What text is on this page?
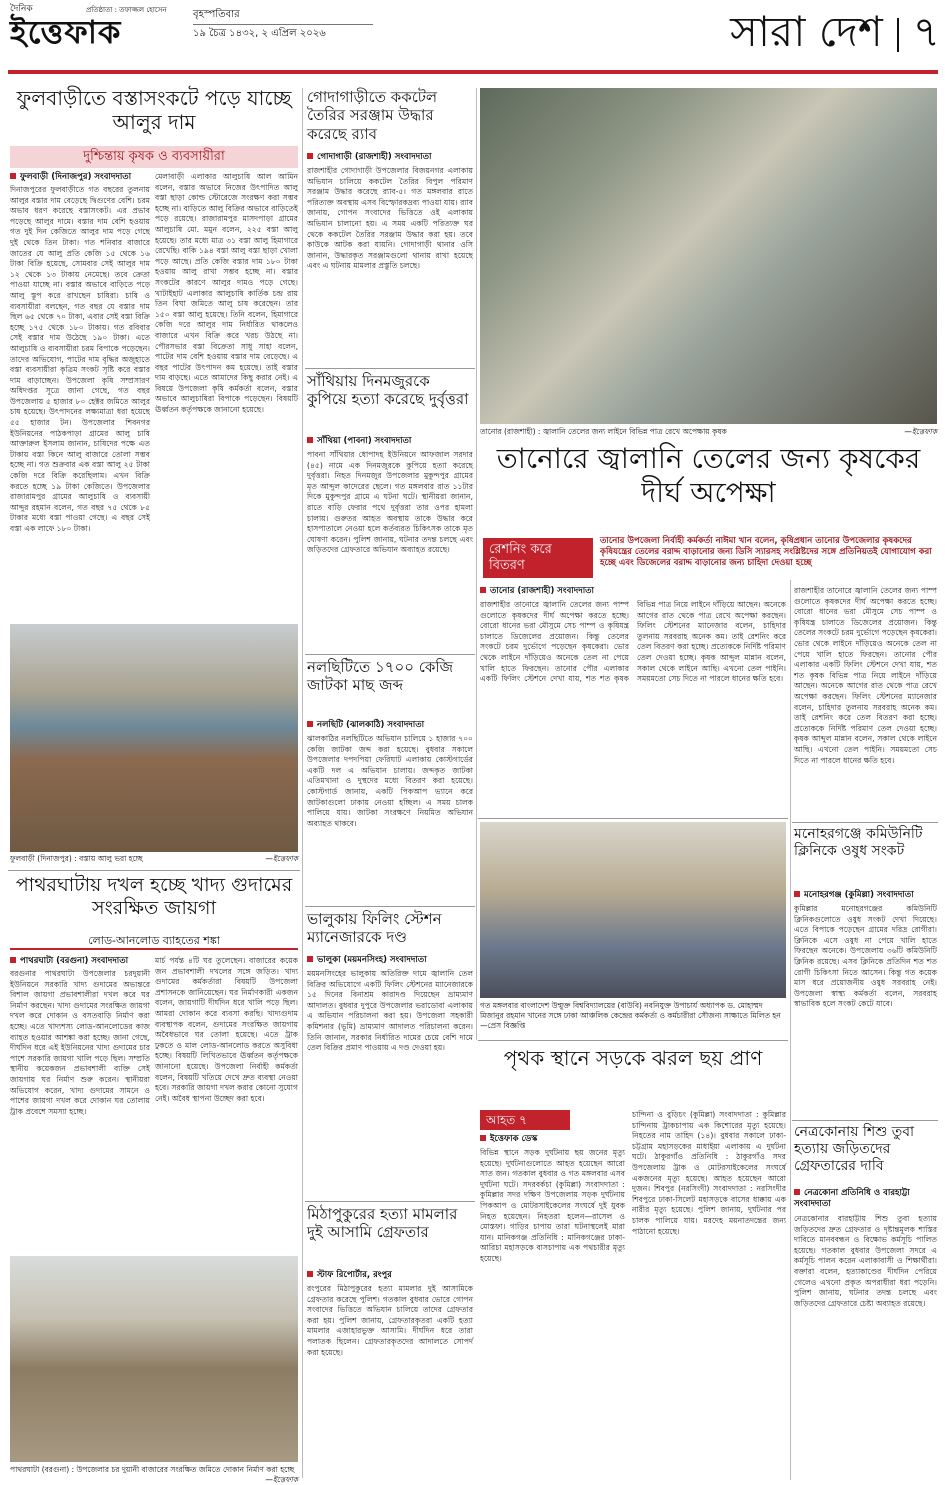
দৈনিক
ইত্তেফাক
প্রতিষ্ঠাতা : তফাজ্জল হোসেন	বৃহস্পতিবার
১৯ চৈত্র ১৪৩২, ২ এপ্রিল ২০২৬	সারা দেশ ৭
ফুলবাড়ীতে বস্তাসংকটে পড়ে যাচ্ছে আলুর দাম
দুশ্চিন্তায় কৃষক ও ব্যবসায়ীরা
ফুলবাড়ী (দিনাজপুর) সংবাদদাতা
দিনাজপুরের ফুলবাড়ীতে গত বছরের তুলনায় আলুর বস্তার দাম বেড়েছে দ্বিগুণের বেশি। চরম অভাব ধরণ করেছে বস্তাসংকট। এর প্রভাব পড়েছে আলুর দামে। বস্তার দাম বেশি হওয়ায় গত দুই দিন কেজিতে আলুর দাম পড়ে গেছে দুই থেকে তিন টাকা। গত শনিবার বাজারে জাতের যে আলু প্রতি কেজি ১৫ থেকে ১৬ টাকা বিক্রি হয়েছে, সোমবার সেই আলুর দাম ১২ থেকে ১৩ টাকায় নেমেছে। তবে ক্রেতা পাওয়া যাচ্ছে না। বস্তার অভাবে বাড়িতে পড়ে আলু স্তূপ করে রাখছেন চাষিরা। চাষি ও ব্যবসায়ীরা বলছেন, গত বছর যে বস্তার দাম ছিল ৬৫ থেকে ৭০ টাকা, এবার সেই বস্তা বিক্রি হচ্ছে ১৭৫ থেকে ১৮০ টাকায়। গত রবিবার সেই বস্তার দাম উঠেছে ১৯০ টাকা। এতে আলুচাষি ও ব্যবসায়ীরা চরম বিপাকে পড়েছেন। তাদের অভিযোগ, পাটের দাম বৃদ্ধির অজুহাতে বস্তা ব্যবসায়ীরা কৃত্রিম সংকট সৃষ্টি করে বস্তার দাম বাড়াচ্ছেন। উপজেলা কৃষি সম্প্রসারণ অধিদপ্তর সূত্রে জানা গেছে, গত বছর উপজেলায় ৫ হাজার ৮০ হেক্টর জমিতে আলুর চাষ হয়েছে। উৎপাদনের লক্ষ্যমাত্রা ধরা হয়েছে ৫৫ হাজার টন। উপজেলার শিবনগর ইউনিয়নের পাঠকপাড়া গ্রামের আলু চাষি আক্তারুল ইসলাম জানান, চাষিদের পক্ষে এত টাকায় বস্তা কিনে আলু বাজারে তোলা সম্ভব হচ্ছে না। গত শুক্রবার এক বস্তা আলু ২৫ টাকা কেজি দরে বিক্রি করেছিলাম। এখন বিক্রি করতে হচ্ছে ১৯ টাকা কেজিতে। উপজেলার রাজারামপুর গ্রামের আলুচাষি ও ব্যবসায়ী আব্দুর রহমান বলেন, গত বছর ৭৫ থেকে ৮৫ টাকার মধ্যে বস্তা পাওয়া গেছে। এ বছর সেই বস্তা এক লাফে ১৮০ টাকা।
মেলাবাড়ী এলাকার আলুচাষি আল আমিন বলেন, বস্তার অভাবে নিজের উৎপাদিত আলু বস্তা ছাড়া কোল্ড স্টোরেজে সংরক্ষণ করা সম্ভব হচ্ছে না। বাড়িতে আলু বিক্রির অভাবে বাড়িতেই পড়ে রয়েছে। রাজারামপুর মাসদপাড়া গ্রামের আলুচাষি মো. মমুন বলেন, ২২৫ বস্তা আলু হয়েছে। তার মধ্যে মাত্র ৩১ বস্তা আলু হিমাগারে রেখেছি। বাকি ১৯৪ বস্তা আলু বস্তা ছাড়া খোলা পড়ে আছে। প্রতি কেজি বস্তার দাম ১৮০ টাকা হওয়ায় আলু রাখা সম্ভব হচ্ছে না। বস্তার সংকটের কারণে আলুর দামও পড়ে গেছে। খাটাইহাট এলাকার আলুচাষি কার্তিক চন্দ্র রায় তিন বিঘা জমিতে আলু চাষ করেছেন। তার ১৫০ বস্তা আলু হয়েছে। তিনি বলেন, হিমাগারে কেজি দরে আলুর দাম নির্ধারিত থাকলেও বাজারে এখন বিক্রি করে খরচ উঠছে না। পৌরসভার বস্তা বিক্রেতা সাধু সাহা বলেন, পাটের দাম বেশি হওয়ায় বস্তার দাম বেড়েছে। এ বছর পাটের উৎপাদন কম হয়েছে। তাই বস্তার দাম বাড়ছে। এতে আমাদের কিছু করার নেই। এ বিষয়ে উপজেলা কৃষি কর্মকর্তা বলেন, বস্তার অভাবে আলুচাষিরা বিপাকে পড়েছেন। বিষয়টি ঊর্ধ্বতন কর্তৃপক্ষকে জানানো হয়েছে।
ফুলবাড়ী (দিনাজপুর) : বস্তায় আলু ভরা হচ্ছে	—ইত্তেফাক
পাথরঘাটায় দখল হচ্ছে খাদ্য গুদামের সংরক্ষিত জায়গা
লোড-আনলোড ব্যাহতের শঙ্কা
পাথরঘাটা (বরগুনা) সংবাদদাতা
বরগুনার পাথরঘাটা উপজেলার চরদুয়ানী ইউনিয়নে সরকারি খাদ্য গুদামের অভ্যন্তরে বিশাল জায়গা প্রভাবশালীরা দখল করে ঘর নির্মাণ করছেন। খাদ্য গুদামের সংরক্ষিত জায়গা দখল করে দোকান ও বসতবাড়ি নির্মাণ করা হচ্ছে। এতে খাদ্যশস্য লোড-আনলোডের কাজ ব্যাহত হওয়ার আশঙ্কা করা হচ্ছে। জানা গেছে, দীর্ঘদিন ধরে এই ইউনিয়নের খাদ্য গুদামের চার পাশে সরকারি জায়গা খালি পড়ে ছিল। সম্প্রতি স্থানীয় কয়েকজন প্রভাবশালী ব্যক্তি সেই জায়গায় ঘর নির্মাণ শুরু করেন। স্থানীয়রা অভিযোগ করেন, খাদ্য গুদামের সামনে ও পাশের জায়গা দখল করে দোকান ঘর তোলায় ট্রাক প্রবেশে সমস্যা হচ্ছে।
মার্চ পর্যন্ত ৪টি ঘর তুলেছেন। বাজারের কয়েক জন প্রভাবশালী দখলের সঙ্গে জড়িত। খাদ্য গুদামের কর্মকর্তারা বিষয়টি উপজেলা প্রশাসনকে জানিয়েছেন। ঘর নির্মাণকারী একজন বলেন, জায়গাটি দীর্ঘদিন ধরে খালি পড়ে ছিল। আমরা দোকান করে ব্যবসা করছি। খাদ্যগুদাম ব্যবস্থাপক বলেন, গুদামের সংরক্ষিত জায়গায় অবৈধভাবে ঘর তোলা হয়েছে। এতে ট্রাক ঢুকতে ও মাল লোড-আনলোড করতে অসুবিধা হচ্ছে। বিষয়টি লিখিতভাবে ঊর্ধ্বতন কর্তৃপক্ষকে জানানো হয়েছে। উপজেলা নির্বাহী কর্মকর্তা বলেন, বিষয়টি খতিয়ে দেখে দ্রুত ব্যবস্থা নেওয়া হবে। সরকারি জায়গা দখল করার কোনো সুযোগ নেই। অবৈধ স্থাপনা উচ্ছেদ করা হবে।
পাথরঘাটা (বরগুনা) : উপজেলার চর দুয়ানী বাজারের সংরক্ষিত জমিতে দোকান নির্মাণ করা হচ্ছে
—ইত্তেফাক
গোদাগাড়ীতে ককটেল তৈরির সরঞ্জাম উদ্ধার করেছে র‍্যাব
গোদাগাড়ী (রাজশাহী) সংবাদদাতা
রাজশাহীর গোদাগাড়ী উপজেলার বিজয়নগর এলাকায় অভিযান চালিয়ে ককটেল তৈরির বিপুল পরিমাণ সরঞ্জাম উদ্ধার করেছে র‍্যাব-৫। গত মঙ্গলবার রাতে পরিত্যক্ত অবস্থায় এসব বিস্ফোরকদ্রব্য পাওয়া যায়। র‍্যাব জানায়, গোপন সংবাদের ভিত্তিতে ওই এলাকায় অভিযান চালানো হয়। এ সময় একটি পরিত্যক্ত ঘর থেকে ককটেল তৈরির সরঞ্জাম উদ্ধার করা হয়। তবে কাউকে আটক করা যায়নি। গোদাগাড়ী থানার ওসি জানান, উদ্ধারকৃত সরঞ্জামগুলো থানায় রাখা হয়েছে এবং এ ঘটনায় মামলার প্রস্তুতি চলছে।
সাঁথিয়ায় দিনমজুরকে কুপিয়ে হত্যা করেছে দুর্বৃত্তরা
সাঁথিয়া (পাবনা) সংবাদদাতা
পাবনা সাঁথিয়ার ধোপাদহ ইউনিয়নে আফজাল সরদার (৪৫) নামে এক দিনমজুরকে কুপিয়ে হত্যা করেছে দুর্বৃত্তরা। নিহত দিনমজুর উপজেলার মুকুন্দপুর গ্রামের মৃত আব্দুল কাদেরের ছেলে। গত মঙ্গলবার রাত ১১টার দিকে মুকুন্দপুর গ্রামে এ ঘটনা ঘটে। স্থানীয়রা জানান, রাতে বাড়ি ফেরার পথে দুর্বৃত্তরা তার ওপর হামলা চালায়। গুরুতর আহত অবস্থায় তাকে উদ্ধার করে হাসপাতালে নেওয়া হলে কর্তব্যরত চিকিৎসক তাকে মৃত ঘোষণা করেন। পুলিশ জানায়, ঘটনার তদন্ত চলছে এবং জড়িতদের গ্রেফতারে অভিযান অব্যাহত রয়েছে।
নলছিটিতে ১৭০০ কেজি জাটকা মাছ জব্দ
নলছিটি (ঝালকাঠি) সংবাদদাতা
ঝালকাঠির নলছিটিতে অভিযান চালিয়ে ১ হাজার ৭০০ কেজি জাটকা জব্দ করা হয়েছে। বুধবার সকালে উপজেলার দপদপিয়া ফেরিঘাট এলাকায় কোস্টগার্ডের একটি দল এ অভিযান চালায়। জব্দকৃত জাটকা এতিমখানা ও দুস্থদের মধ্যে বিতরণ করা হয়েছে। কোস্টগার্ড জানায়, একটি পিকআপ ভ্যানে করে জাটকাগুলো ঢাকায় নেওয়া হচ্ছিল। এ সময় চালক পালিয়ে যায়। জাটকা সংরক্ষণে নিয়মিত অভিযান অব্যাহত থাকবে।
ভালুকায় ফিলিং স্টেশন ম্যানেজারকে দণ্ড
ভালুকা (ময়মনসিংহ) সংবাদদাতা
ময়মনসিংহের ভালুকায় অতিরিক্ত দামে জ্বালানি তেল বিক্রির অভিযোগে একটি ফিলিং স্টেশনের ম্যানেজারকে ১৫ দিনের বিনাশ্রম কারাদণ্ড দিয়েছেন ভ্রাম্যমাণ আদালত। বুধবার দুপুরে উপজেলার ভরাডোবা এলাকায় এ অভিযান পরিচালনা করা হয়। উপজেলা সহকারী কমিশনার (ভূমি) ভ্রাম্যমাণ আদালত পরিচালনা করেন। তিনি জানান, সরকার নির্ধারিত দামের চেয়ে বেশি দামে তেল বিক্রির প্রমাণ পাওয়ায় এ দণ্ড দেওয়া হয়।
মিঠাপুকুরের হত্যা মামলার দুই আসামি গ্রেফতার
স্টাফ রিপোর্টার, রংপুর
রংপুরের মিঠাপুকুরের হত্যা মামলার দুই আসামিকে গ্রেফতার করেছে পুলিশ। গতকাল বুধবার ভোরে গোপন সংবাদের ভিত্তিতে অভিযান চালিয়ে তাদের গ্রেফতার করা হয়। পুলিশ জানায়, গ্রেফতারকৃতরা একটি হত্যা মামলার এজাহারভুক্ত আসামি। দীর্ঘদিন ধরে তারা পলাতক ছিলেন। গ্রেফতারকৃতদের আদালতে সোপর্দ করা হয়েছে।
তানোর (রাজশাহী) : জ্বালানি তেলের জন্য লাইনে বিভিন্ন পাত্র রেখে অপেক্ষায় কৃষক	—ইত্তেফাক
তানোরে জ্বালানি তেলের জন্য কৃষকের দীর্ঘ অপেক্ষা
রেশনিং করে বিতরণ
তানোর উপজেলা নির্বাহী কর্মকর্তা নাঈমা খান বলেন, কৃষিপ্রধান তানোর উপজেলার কৃষকদের কৃষিযন্ত্রের তেলের বরাদ্দ বাড়ানোর জন্য ডিসি স্যারসহ সংশ্লিষ্টদের সঙ্গে প্রতিনিয়তই যোগাযোগ করা হচ্ছে এবং ডিজেলের বরাদ্দ বাড়ানোর জন্য চাহিদা দেওয়া হচ্ছে
তানোর (রাজশাহী) সংবাদদাতা
রাজশাহীর তানোরে জ্বালানি তেলের জন্য পাম্প গুলোতে কৃষকদের দীর্ঘ অপেক্ষা করতে হচ্ছে। বোরো ধানের ভরা মৌসুমে সেচ পাম্প ও কৃষিযন্ত্র চালাতে ডিজেলের প্রয়োজন। কিন্তু তেলের সংকটে চরম দুর্ভোগে পড়েছেন কৃষকেরা। ভোর থেকে লাইনে দাঁড়িয়েও অনেকে তেল না পেয়ে খালি হাতে ফিরছেন। তানোর পৌর এলাকার একটি ফিলিং স্টেশনে দেখা যায়, শত শত কৃষক বিভিন্ন পাত্র নিয়ে লাইনে দাঁড়িয়ে আছেন। অনেকে আগের রাত থেকে পাত্র রেখে অপেক্ষা করছেন। ফিলিং স্টেশনের ম্যানেজার বলেন, চাহিদার তুলনায় সরবরাহ অনেক কম। তাই রেশনিং করে তেল বিতরণ করা হচ্ছে। প্রত্যেককে নির্দিষ্ট পরিমাণ তেল দেওয়া হচ্ছে। কৃষক আব্দুল মান্নান বলেন, সকাল থেকে লাইনে আছি। এখনো তেল পাইনি। সময়মতো সেচ দিতে না পারলে ধানের ক্ষতি হবে।
গত মঙ্গলবার বাংলাদেশ উন্মুক্ত বিশ্ববিদ্যালয়ের (বাউবি) নবনিযুক্ত উপাচার্য অধ্যাপক ড. মোহাম্মদ মিজানুর রহমান খানের সঙ্গে ঢাকা আঞ্চলিক কেন্দ্রের কর্মকর্তা ও কর্মচারীরা সৌজন্য সাক্ষাতে মিলিত হন —প্রেস বিজ্ঞপ্তি
পৃথক স্থানে সড়কে ঝরল ছয় প্রাণ
আহত ৭
ইত্তেফাক ডেস্ক
বিভিন্ন স্থানে সড়ক দুর্ঘটনায় ছয় জনের মৃত্যু হয়েছে। দুর্ঘটনাগুলোতে আহত হয়েছেন আরো সাত জন। গতকাল বুধবার ও গত মঙ্গলবার এসব দুর্ঘটনা ঘটে। সদরবর্কচা (কুমিল্লা) সংবাদদাতা : কুমিল্লার সদর দক্ষিণ উপজেলায় সড়ক দুর্ঘটনায় পিকআপ ও মোটরসাইকেলের সংঘর্ষে দুই যুবক নিহত হয়েছেন। নিহতরা হলেন—রাসেল ও মোস্তফা। গাড়ির চাপায় তারা ঘটনাস্থলেই মারা যান। মানিকগঞ্জ প্রতিনিধি : মানিকগঞ্জের ঢাকা-আরিচা মহাসড়কে বাসচাপায় এক পথচারীর মৃত্যু হয়েছে।
চান্দিনা ও বুড়িচং (কুমিল্লা) সংবাদদাতা : কুমিল্লার চান্দিনায় ট্রাকচাপায় এক কিশোরের মৃত্যু হয়েছে। নিহতের নাম তাহিদ (১৪)। বুধবার সকালে ঢাকা-চট্টগ্রাম মহাসড়কের মাধাইয়া এলাকায় এ দুর্ঘটনা ঘটে। ঠাকুরগাঁও প্রতিনিধি : ঠাকুরগাঁও সদর উপজেলায় ট্রাক ও মোটরসাইকেলের সংঘর্ষে একজনের মৃত্যু হয়েছে। আহত হয়েছেন আরো দুজন। শিবপুর (নরসিংদী) সংবাদদাতা : নরসিংদীর শিবপুরে ঢাকা-সিলেট মহাসড়কে বাসের ধাক্কায় এক নারীর মৃত্যু হয়েছে। পুলিশ জানায়, দুর্ঘটনার পর চালক পালিয়ে যায়। মরদেহ ময়নাতদন্তের জন্য পাঠানো হয়েছে।
রাজশাহীর তানোরে জ্বালানি তেলের জন্য পাম্প গুলোতে কৃষকদের দীর্ঘ অপেক্ষা করতে হচ্ছে। বোরো ধানের ভরা মৌসুমে সেচ পাম্প ও কৃষিযন্ত্র চালাতে ডিজেলের প্রয়োজন। কিন্তু তেলের সংকটে চরম দুর্ভোগে পড়েছেন কৃষকেরা। ভোর থেকে লাইনে দাঁড়িয়েও অনেকে তেল না পেয়ে খালি হাতে ফিরছেন। তানোর পৌর এলাকার একটি ফিলিং স্টেশনে দেখা যায়, শত শত কৃষক বিভিন্ন পাত্র নিয়ে লাইনে দাঁড়িয়ে আছেন। অনেকে আগের রাত থেকে পাত্র রেখে অপেক্ষা করছেন। ফিলিং স্টেশনের ম্যানেজার বলেন, চাহিদার তুলনায় সরবরাহ অনেক কম। তাই রেশনিং করে তেল বিতরণ করা হচ্ছে। প্রত্যেককে নির্দিষ্ট পরিমাণ তেল দেওয়া হচ্ছে। কৃষক আব্দুল মান্নান বলেন, সকাল থেকে লাইনে আছি। এখনো তেল পাইনি। সময়মতো সেচ দিতে না পারলে ধানের ক্ষতি হবে।
মনোহরগঞ্জে কমিউনিটি ক্লিনিকে ওষুধ সংকট
মনোহরগঞ্জ (কুমিল্লা) সংবাদদাতা
কুমিল্লার মনোহরগঞ্জের কমিউনিটি ক্লিনিকগুলোতে ওষুধ সংকট দেখা দিয়েছে। এতে বিপাকে পড়েছেন গ্রামের দরিদ্র রোগীরা। ক্লিনিকে এসে ওষুধ না পেয়ে খালি হাতে ফিরছেন অনেকে। উপজেলায় ৩৬টি কমিউনিটি ক্লিনিক রয়েছে। এসব ক্লিনিকে প্রতিদিন শত শত রোগী চিকিৎসা নিতে আসেন। কিন্তু গত কয়েক মাস ধরে প্রয়োজনীয় ওষুধ সরবরাহ নেই। উপজেলা স্বাস্থ্য কর্মকর্তা বলেন, সরবরাহ স্বাভাবিক হলে সংকট কেটে যাবে।
নেত্রকোনায় শিশু তুবা হত্যায় জড়িতদের গ্রেফতারের দাবি
নেত্রকোনা প্রতিনিধি ও বারহাট্টা সংবাদদাতা
নেত্রকোনার বারহাট্টায় শিশু তুবা হত্যায় জড়িতদের দ্রুত গ্রেফতার ও দৃষ্টান্তমূলক শাস্তির দাবিতে মানববন্ধন ও বিক্ষোভ কর্মসূচি পালিত হয়েছে। গতকাল বুধবার উপজেলা সদরে এ কর্মসূচি পালন করেন এলাকাবাসী ও শিক্ষার্থীরা। বক্তারা বলেন, হত্যাকাণ্ডের দীর্ঘদিন পেরিয়ে গেলেও এখনো প্রকৃত অপরাধীরা ধরা পড়েনি। পুলিশ জানায়, ঘটনার তদন্ত চলছে এবং জড়িতদের গ্রেফতারে চেষ্টা অব্যাহত রয়েছে।
